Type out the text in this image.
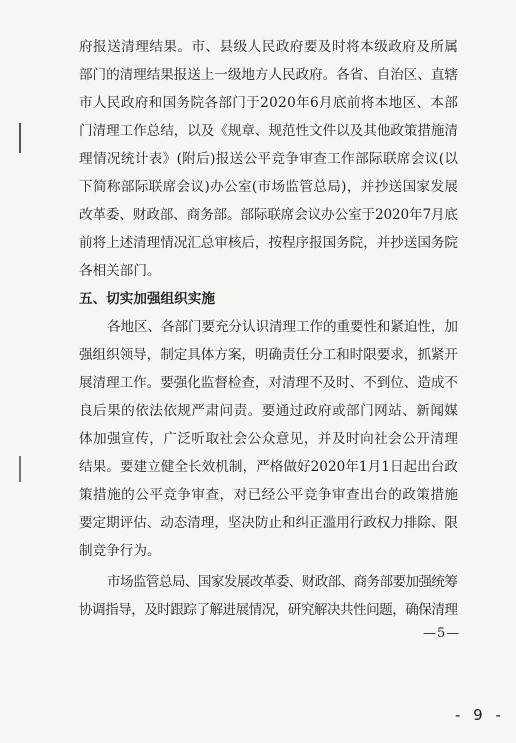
府报送清理结果。市、县级人民政府要及时将本级政府及所属
部门的清理结果报送上一级地方人民政府。各省、自治区、直辖
市人民政府和国务院各部门于2020年6月底前将本地区、本部
门清理工作总结，以及《规章、规范性文件以及其他政策措施清
理情况统计表》(附后)报送公平竞争审查工作部际联席会议(以
下简称部际联席会议)办公室(市场监管总局)，并抄送国家发展
改革委、财政部、商务部。部际联席会议办公室于2020年7月底
前将上述清理情况汇总审核后，按程序报国务院，并抄送国务院
各相关部门。
五、切实加强组织实施
各地区、各部门要充分认识清理工作的重要性和紧迫性，加
强组织领导，制定具体方案，明确责任分工和时限要求，抓紧开
展清理工作。要强化监督检查，对清理不及时、不到位、造成不
良后果的依法依规严肃问责。要通过政府或部门网站、新闻媒
体加强宣传，广泛听取社会公众意见，并及时向社会公开清理
结果。要建立健全长效机制，严格做好2020年1月1日起出台政
策措施的公平竞争审查，对已经公平竞争审查出台的政策措施
要定期评估、动态清理，坚决防止和纠正滥用行政权力排除、限
制竞争行为。
市场监管总局、国家发展改革委、财政部、商务部要加强统筹
协调指导，及时跟踪了解进展情况，研究解决共性问题，确保清理
—5—
- 9 -
